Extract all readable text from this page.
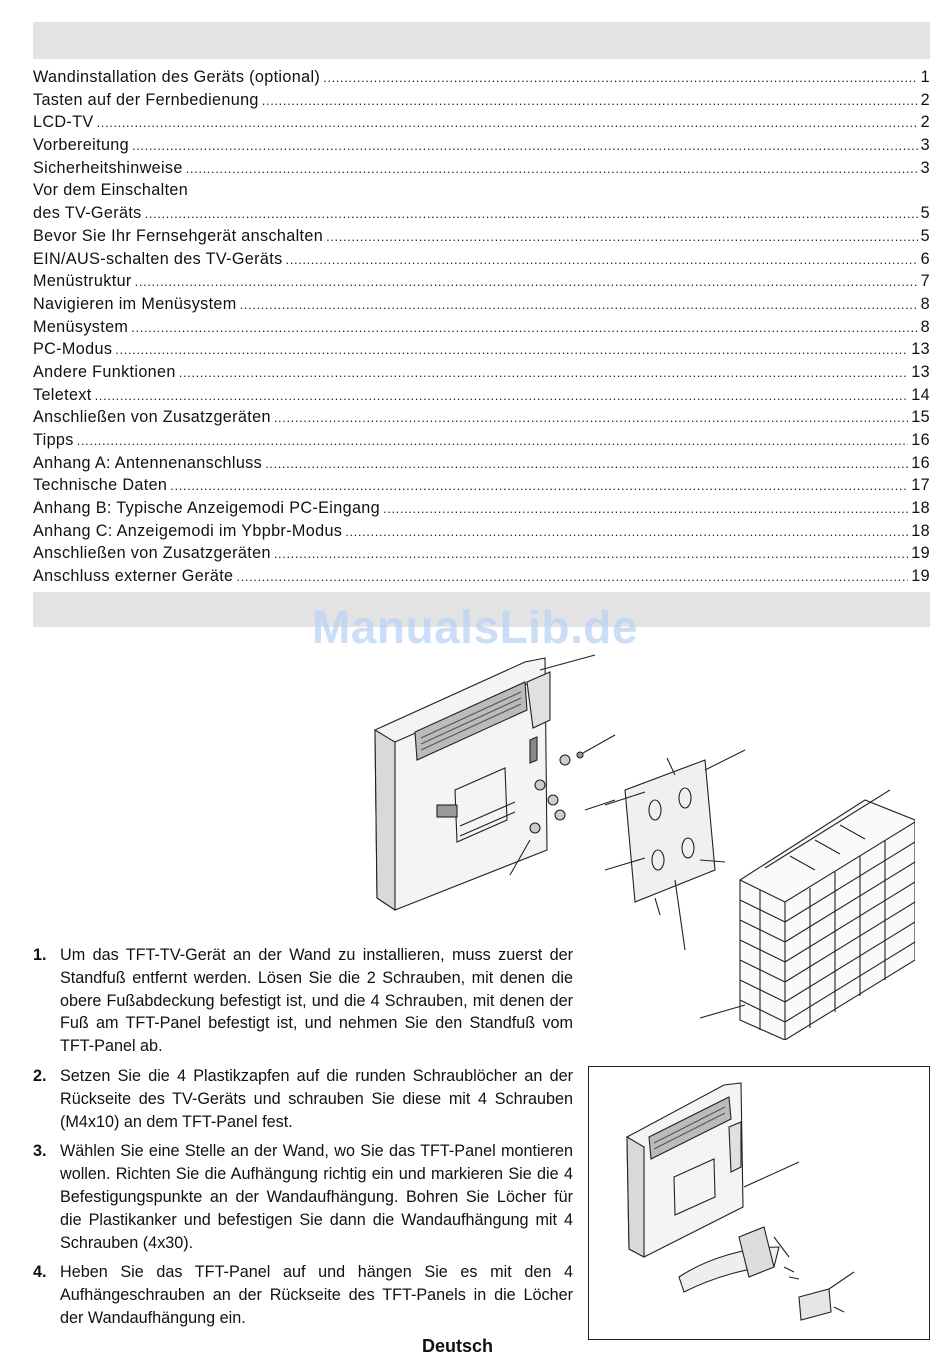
Wandinstallation des Geräts (optional) .....	1
Tasten auf der Fernbedienung .....	2
LCD-TV .....	2
Vorbereitung .....	3
Sicherheitshinweise .....	3
Vor dem Einschalten
des TV-Geräts .....	5
Bevor Sie Ihr Fernsehgerät anschalten .....	5
EIN/AUS-schalten des TV-Geräts .....	6
Menüstruktur .....	7
Navigieren im Menüsystem .....	8
Menüsystem .....	8
PC-Modus .....	13
Andere Funktionen .....	13
Teletext .....	14
Anschließen von Zusatzgeräten .....	15
Tipps .....	16
Anhang A: Antennenanschluss .....	16
Technische Daten .....	17
Anhang B: Typische Anzeigemodi PC-Eingang .....	18
Anhang C: Anzeigemodi im Ybpbr-Modus .....	18
Anschließen von Zusatzgeräten .....	19
Anschluss externer Geräte .....	19
ManualsLib.de
1. Um das TFT-TV-Gerät an der Wand zu installieren, muss zuerst der Standfuß entfernt werden. Lösen Sie die 2 Schrauben, mit denen die obere Fußabdeckung befestigt ist, und die 4 Schrauben, mit denen der Fuß am TFT-Panel befestigt ist, und nehmen Sie den Standfuß vom TFT-Panel ab.
2. Setzen Sie die 4 Plastikzapfen auf die runden Schraublöcher an der Rückseite des TV-Geräts und schrauben Sie diese mit 4 Schrauben (M4x10) an dem TFT-Panel fest.
3. Wählen Sie eine Stelle an der Wand, wo Sie das TFT-Panel montieren wollen. Richten Sie die Aufhängung richtig ein und markieren Sie die 4 Befestigungspunkte an der Wandaufhängung. Bohren Sie Löcher für die Plastikanker und befestigen Sie dann die Wandaufhängung mit 4 Schrauben (4x30).
4. Heben Sie das TFT-Panel auf und hängen Sie es mit den 4 Aufhängeschrauben an der Rückseite des TFT-Panels in die Löcher der Wandaufhängung ein.
Deutsch
